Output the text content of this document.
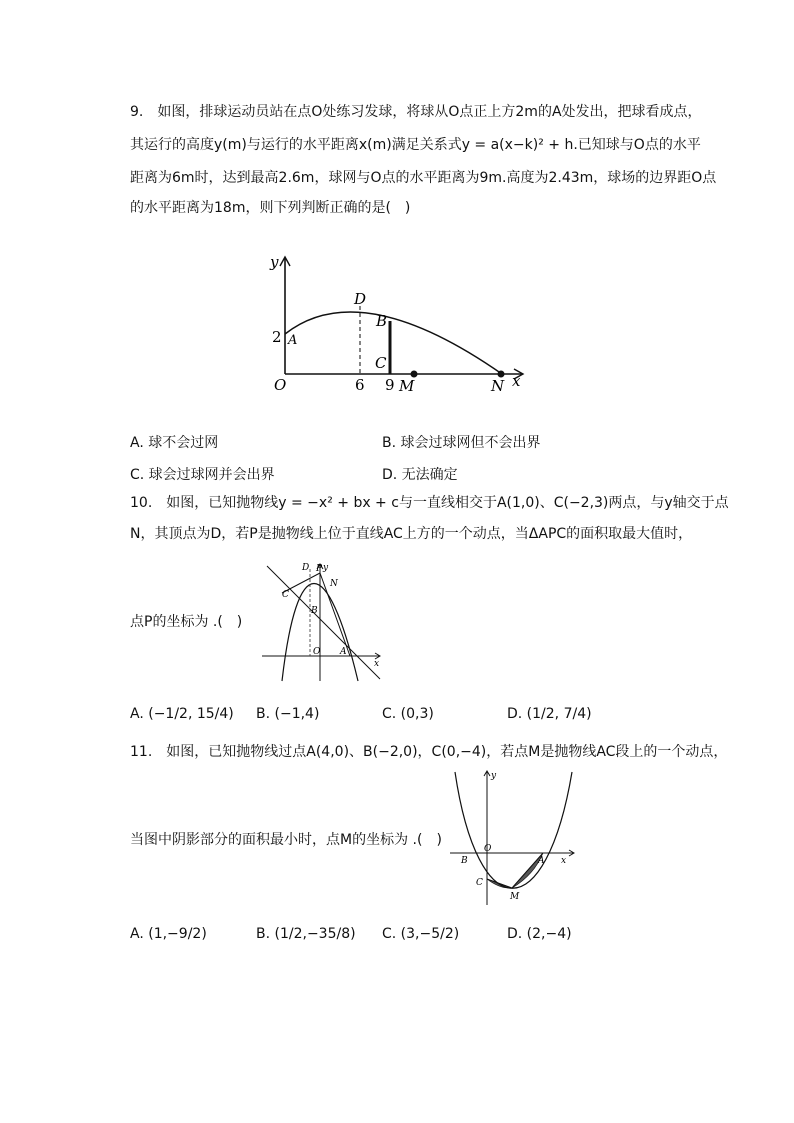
9.　如图，排球运动员站在点O处练习发球，将球从O点正上方2m的A处发出，把球看成点，
其运行的高度y(m)与运行的水平距离x(m)满足关系式y = a(x−k)² + h.已知球与O点的水平
距离为6m时，达到最高2.6m，球网与O点的水平距离为9m.高度为2.43m，球场的边界距O点
的水平距离为18m，则下列判断正确的是(　)
y
x
O
2 A
D
B
C
6 9 M	N
A. 球不会过网	B. 球会过球网但不会出界
C. 球会过球网并会出界	D. 无法确定
10.　如图，已知抛物线y = −x² + bx + c与一直线相交于A(1,0)、C(−2,3)两点，与y轴交于点
N，其顶点为D，若P是抛物线上位于直线AC上方的一个动点，当ΔAPC的面积取最大值时，
点P的坐标为 .(　)
y
x
O
D P
N
C
B
A
A. (−1/2, 15/4) B. (−1,4)	C. (0,3)	D. (1/2, 7/4)
11.　如图，已知抛物线过点A(4,0)、B(−2,0)，C(0,−4)，若点M是抛物线AC段上的一个动点，
当图中阴影部分的面积最小时，点M的坐标为 .(　)
y
x
O
B	A
C
M
A. (1,−9/2)	B. (1/2,−35/8) C. (3,−5/2)	D. (2,−4)
